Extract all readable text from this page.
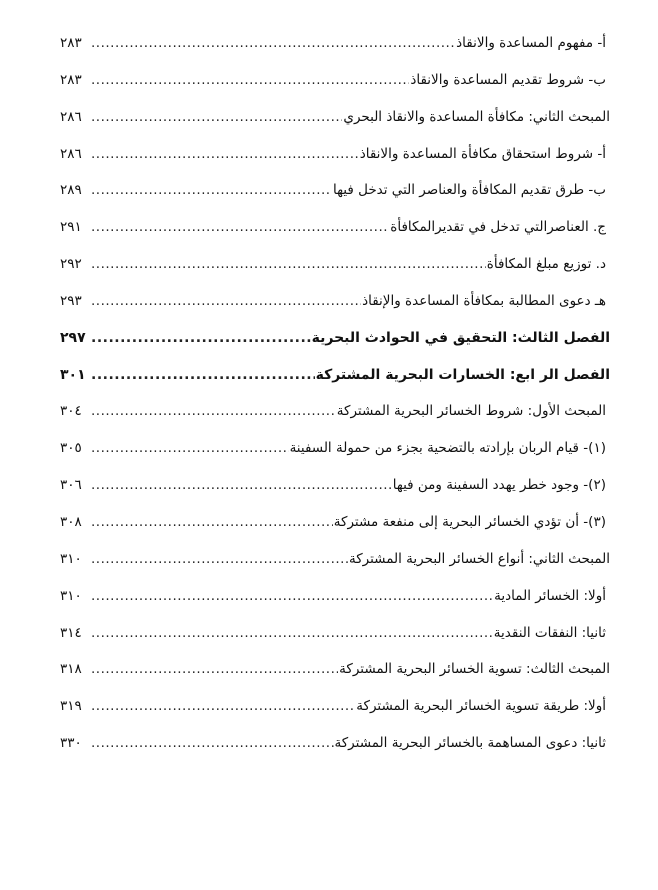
أ- مفهوم المساعدة والانقاذ
.....
٢٨٣
ب- شروط تقديم المساعدة والانقاذ
.....
٢٨٣
المبحث الثاني: مكافأة المساعدة والانقاذ البحري
.....
٢٨٦
أ- شروط استحقاق مكافأة المساعدة والانقاذ
.....
٢٨٦
ب- طرق تقديم المكافأة والعناصر التي تدخل فيها
.....
٢٨٩
ج. العناصرالتي تدخل في تقديرالمكافأة
.....
٢٩١
د. توزيع مبلغ المكافأة
.....
٢٩٢
هـ دعوى المطالبة بمكافأة المساعدة والإنقاذ
.....
٢٩٣
الفصل الثالث: التحقيق في الحوادث البحرية
.....
٢٩٧
الفصل الر ابع: الخسارات البحرية المشتركة
.....
٣٠١
المبحث الأول: شروط الخسائر البحرية المشتركة
.....
٣٠٤
(١)- قيام الربان بإرادته بالتضحية بجزء من حمولة السفينة
.....
٣٠٥
(٢)- وجود خطر يهدد السفينة ومن فيها
.....
٣٠٦
(٣)- أن تؤدي الخسائر البحرية إلى منفعة مشتركة
.....
٣٠٨
المبحث الثاني: أنواع الخسائر البحرية المشتركة
.....
٣١٠
أولا: الخسائر المادية
.....
٣١٠
ثانيا: النفقات النقدية
.....
٣١٤
المبحث الثالث: تسوية الخسائر البحرية المشتركة
.....
٣١٨
أولا: طريقة تسوية الخسائر البحرية المشتركة
.....
٣١٩
ثانيا: دعوى المساهمة بالخسائر البحرية المشتركة
.....
٣٣٠
